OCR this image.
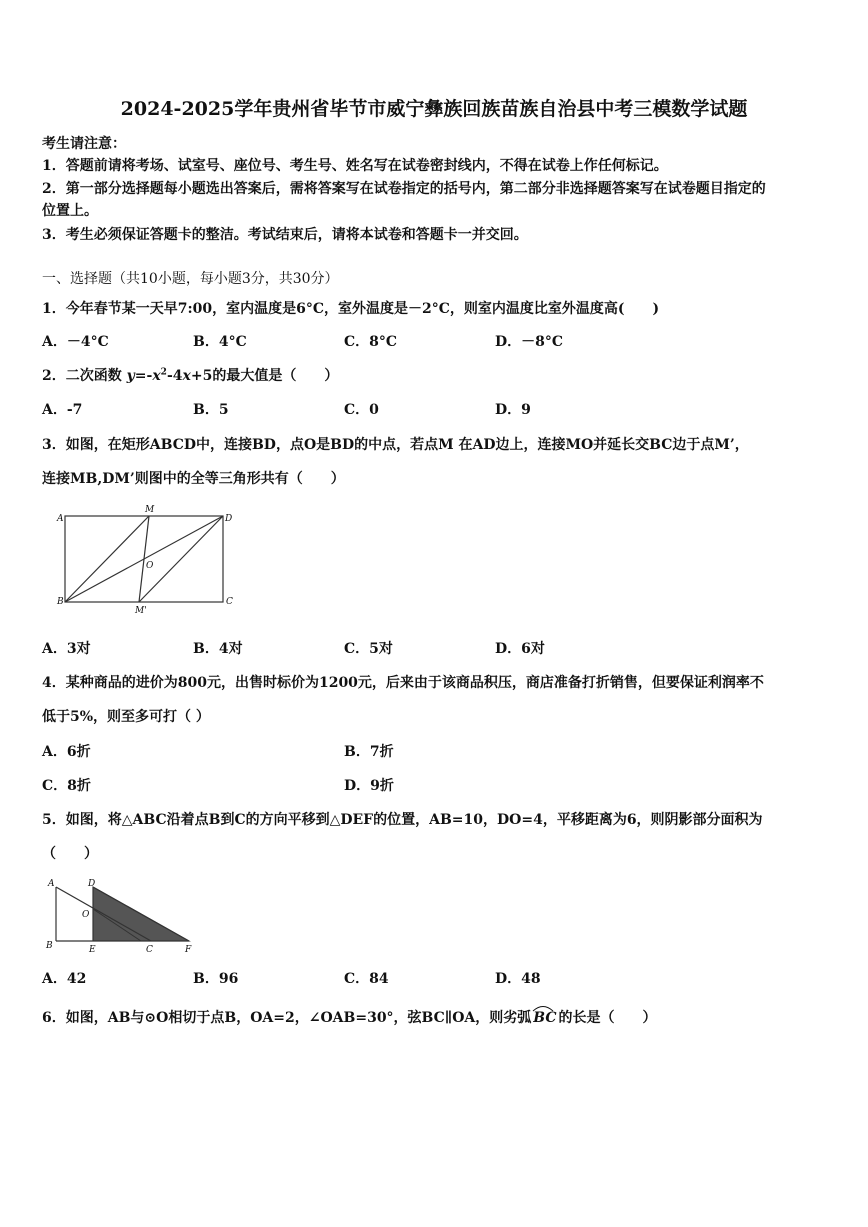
2024-2025学年贵州省毕节市威宁彝族回族苗族自治县中考三模数学试题
考生请注意：
1．答题前请将考场、试室号、座位号、考生号、姓名写在试卷密封线内，不得在试卷上作任何标记。
2．第一部分选择题每小题选出答案后，需将答案写在试卷指定的括号内，第二部分非选择题答案写在试卷题目指定的
位置上。
3．考生必须保证答题卡的整洁。考试结束后，请将本试卷和答题卡一并交回。
一、选择题（共10小题，每小题3分，共30分）
1．今年春节某一天早7:00，室内温度是6°C，室外温度是－2°C，则室内温度比室外温度高(　　)
A．－4°C	B．4°C	C．8°C	D．－8°C
2．二次函数 $y=-x^2-4x+5$的最大值是（　　）
A．-7	B．5	C．0	D．9
3．如图，在矩形ABCD中，连接BD，点O是BD的中点，若点M 在AD边上，连接MO并延长交BC边于点M’，
连接MB,DM’则图中的全等三角形共有（　　）
A
M
D
O
B
M'
C
A．3对	B．4对	C．5对	D．6对
4．某种商品的进价为800元，出售时标价为1200元，后来由于该商品积压，商店准备打折销售，但要保证利润率不
低于5%，则至多可打（ ）
A．6折	B．7折
C．8折	D．9折
5．如图，将△ABC沿着点B到C的方向平移到△DEF的位置，AB=10，DO=4，平移距离为6，则阴影部分面积为
（　　）
A	D
O
B	E	C	F
A．42	B．96	C．84	D．48
6．如图，AB与⊙O相切于点B，OA=2，∠OAB=30°，弦BC∥OA，则劣弧 BC 的长是（　　）
